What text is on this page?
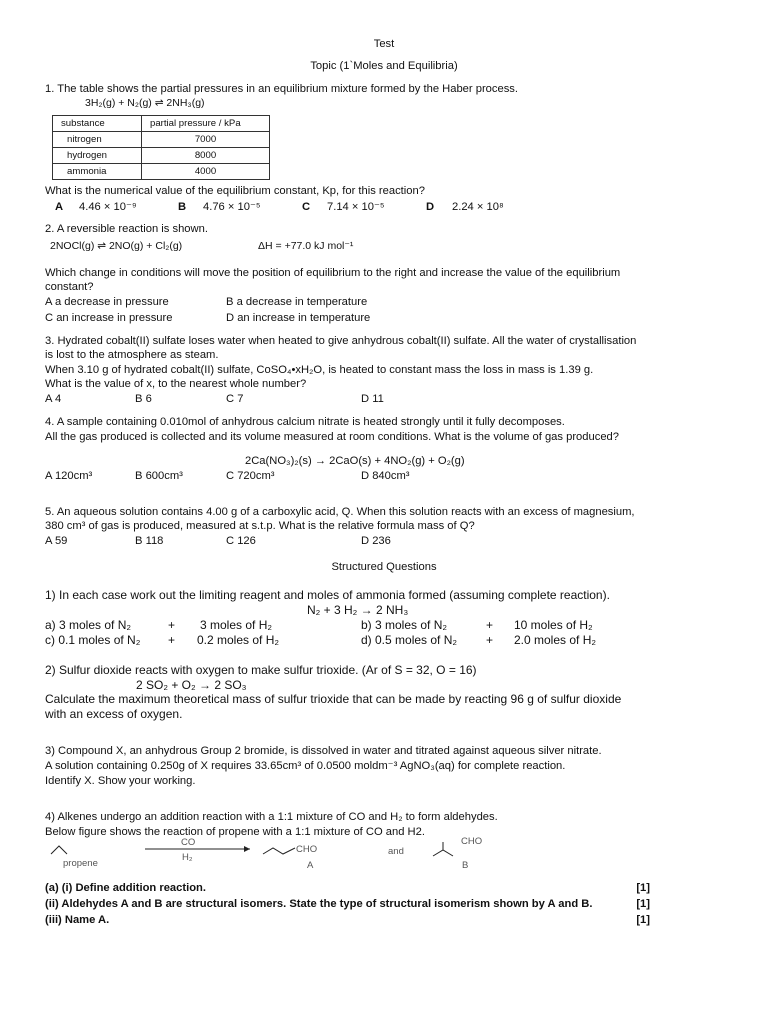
Test
Topic (1`Moles and Equilibria)
1. The table shows the partial pressures in an equilibrium mixture formed by the Haber process.
3H₂(g) + N₂(g) ⇌ 2NH₃(g)
substance	partial pressure / kPa
nitrogen	7000
hydrogen	8000
ammonia	4000
What is the numerical value of the equilibrium constant, Kp, for this reaction?
A 4.46 × 10⁻⁹	B 4.76 × 10⁻⁵	C 7.14 × 10⁻⁵	D 2.24 × 10⁸
2. A reversible reaction is shown.
2NOCl(g) ⇌ 2NO(g) + Cl₂(g)	ΔH = +77.0 kJ mol⁻¹
Which change in conditions will move the position of equilibrium to the right and increase the value of the equilibrium
constant?
A a decrease in pressure	B a decrease in temperature
C an increase in pressure	D an increase in temperature
3. Hydrated cobalt(II) sulfate loses water when heated to give anhydrous cobalt(II) sulfate. All the water of crystallisation
is lost to the atmosphere as steam.
When 3.10 g of hydrated cobalt(II) sulfate, CoSO₄•xH₂O, is heated to constant mass the loss in mass is 1.39 g.
What is the value of x, to the nearest whole number?
A 4	B 6	C 7	D 11
4. A sample containing 0.010mol of anhydrous calcium nitrate is heated strongly until it fully decomposes.
All the gas produced is collected and its volume measured at room conditions. What is the volume of gas produced?
2Ca(NO₃)₂(s) → 2CaO(s) + 4NO₂(g) + O₂(g)
A 120cm³	B 600cm³	C 720cm³	D 840cm³
5. An aqueous solution contains 4.00 g of a carboxylic acid, Q. When this solution reacts with an excess of magnesium,
380 cm³ of gas is produced, measured at s.t.p. What is the relative formula mass of Q?
A 59	B 118	C 126	D 236
Structured Questions
1) In each case work out the limiting reagent and moles of ammonia formed (assuming complete reaction).
N₂ + 3 H₂ → 2 NH₃
a) 3 moles of N₂	+ 3 moles of H₂	b) 3 moles of N₂	+ 10 moles of H₂
c) 0.1 moles of N₂ + 0.2 moles of H₂	d) 0.5 moles of N₂ + 2.0 moles of H₂
2) Sulfur dioxide reacts with oxygen to make sulfur trioxide. (Ar of S = 32, O = 16)
2 SO₂ + O₂ → 2 SO₃
Calculate the maximum theoretical mass of sulfur trioxide that can be made by reacting 96 g of sulfur dioxide
with an excess of oxygen.
3) Compound X, an anhydrous Group 2 bromide, is dissolved in water and titrated against aqueous silver nitrate.
A solution containing 0.250g of X requires 33.65cm³ of 0.0500 moldm⁻³ AgNO₃(aq) for complete reaction.
Identify X. Show your working.
4) Alkenes undergo an addition reaction with a 1:1 mixture of CO and H₂ to form aldehydes.
Below figure shows the reaction of propene with a 1:1 mixture of CO and H2.
propene
CO
H₂
CHO
A
and
CHO
B
(a) (i) Define addition reaction.	[1]
(ii) Aldehydes A and B are structural isomers. State the type of structural isomerism shown by A and B.	[1]
(iii) Name A.	[1]
